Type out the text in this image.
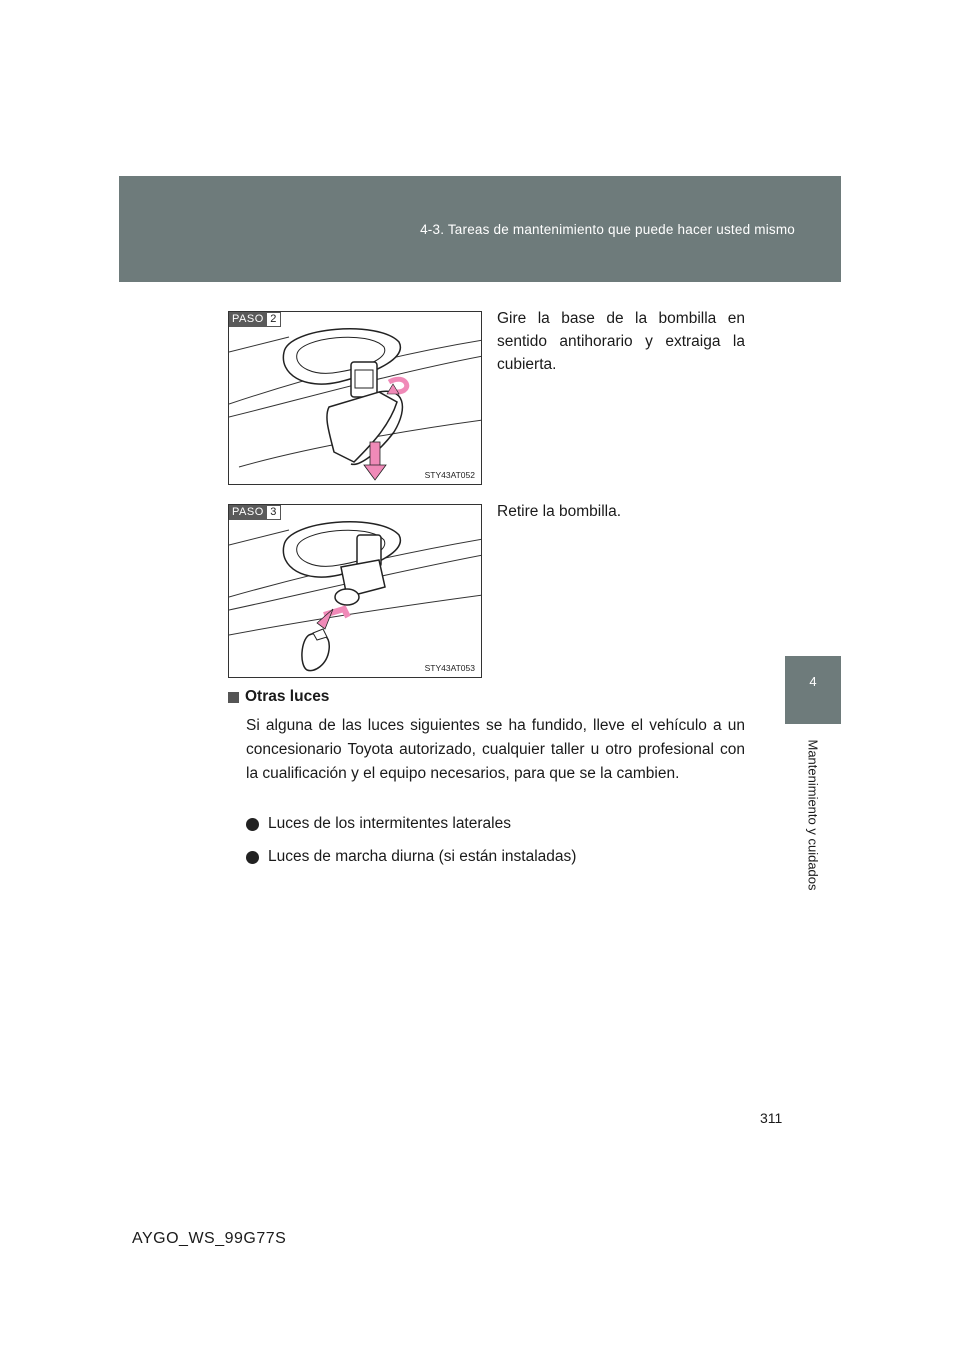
4-3. Tareas de mantenimiento que puede hacer usted mismo
4
Mantenimiento y cuidados
PASO 2
STY43AT052
Gire la base de la bombilla en sentido antihorario y extraiga la cubierta.
PASO 3
STY43AT053
Retire la bombilla.
Otras luces
Si alguna de las luces siguientes se ha fundido, lleve el vehículo a un concesionario Toyota autorizado, cualquier taller u otro profesional con la cualificación y el equipo necesarios, para que se la cambien.
Luces de los intermitentes laterales
Luces de marcha diurna (si están instaladas)
311
AYGO_WS_99G77S
